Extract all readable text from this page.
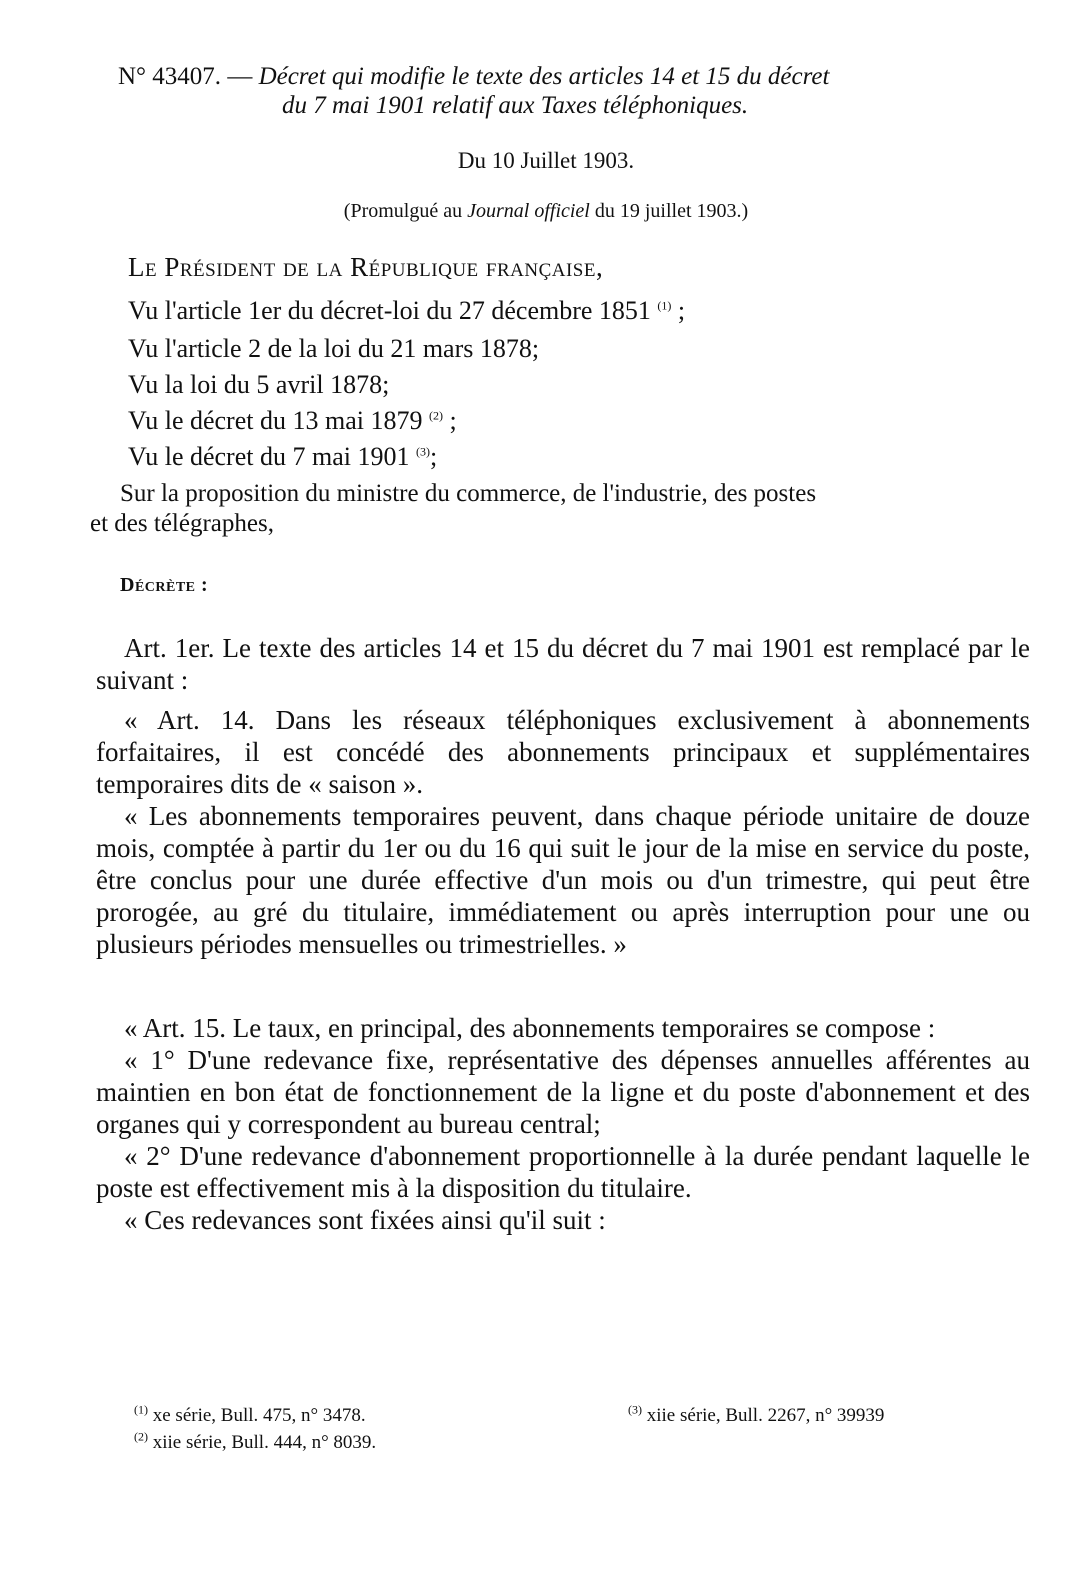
N° 43407. — Décret qui modifie le texte des articles 14 et 15 du décret
du 7 mai 1901 relatif aux Taxes téléphoniques.
Du 10 Juillet 1903.
(Promulgué au Journal officiel du 19 juillet 1903.)
Le Président de la République française,
Vu l'article 1er du décret-loi du 27 décembre 1851 $^{(1)}$ ;
Vu l'article 2 de la loi du 21 mars 1878;
Vu la loi du 5 avril 1878;
Vu le décret du 13 mai 1879 $^{(2)}$ ;
Vu le décret du 7 mai 1901 $^{(3)}$;
Sur la proposition du ministre du commerce, de l'industrie, des postes
et des télégraphes,
Décrète :

Art. 1er. Le texte des articles 14 et 15 du décret du 7 mai 1901 est remplacé par le suivant :

« Art. 14. Dans les réseaux téléphoniques exclusivement à abonnements forfaitaires, il est concédé des abonnements principaux et supplémentaires temporaires dits de « saison ».

« Les abonnements temporaires peuvent, dans chaque période unitaire de douze mois, comptée à partir du 1er ou du 16 qui suit le jour de la mise en service du poste, être conclus pour une durée effective d'un mois ou d'un trimestre, qui peut être prorogée, au gré du titulaire, immédiatement ou après interruption pour une ou plusieurs périodes mensuelles ou trimestrielles. »

« Art. 15. Le taux, en principal, des abonnements temporaires se compose :

« 1° D'une redevance fixe, représentative des dépenses annuelles afférentes au maintien en bon état de fonctionnement de la ligne et du poste d'abonnement et des organes qui y correspondent au bureau central;

« 2° D'une redevance d'abonnement proportionnelle à la durée pendant laquelle le poste est effectivement mis à la disposition du titulaire.

« Ces redevances sont fixées ainsi qu'il suit :

$^{(1)}$ xe série, Bull. 475, n° 3478.
$^{(2)}$ xiie série, Bull. 444, n° 8039.
$^{(3)}$ xiie série, Bull. 2267, n° 39939
